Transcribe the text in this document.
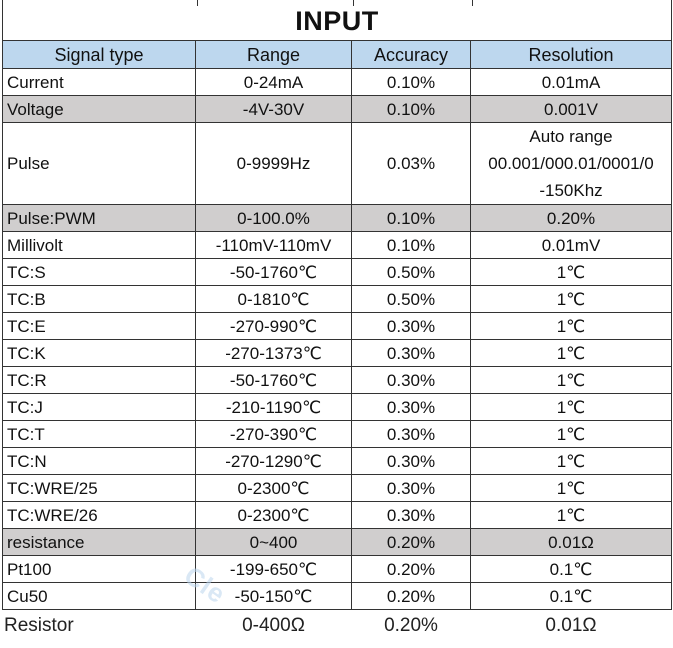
INPUT			
Signal type	Range	Accuracy	Resolution
Current	0-24mA	0.10%	0.01mA
Voltage	-4V-30V	0.10%	0.001V
Pulse	0-9999Hz	0.03%	Auto range
00.001/000.01/0001/0
-150Khz

Pulse:PWM	0-100.0%	0.10%	0.20%
Millivolt	-110mV-110mV	0.10%	0.01mV
TC:S	-50-1760℃	0.50%	1℃
TC:B	0-1810℃	0.50%	1℃
TC:E	-270-990℃	0.30%	1℃
TC:K	-270-1373℃	0.30%	1℃
TC:R	-50-1760℃	0.30%	1℃
TC:J	-210-1190℃	0.30%	1℃
TC:T	-270-390℃	0.30%	1℃
TC:N	-270-1290℃	0.30%	1℃
TC:WRE/25	0-2300℃	0.30%	1℃
TC:WRE/26	0-2300℃	0.30%	1℃
resistance	0~400	0.20%	0.01Ω
Pt100	-199-650℃	0.20%	0.1℃
Cu50	-50-150℃	0.20%	0.1℃
Resistor	0-400Ω	0.20%	0.01Ω
Cle
